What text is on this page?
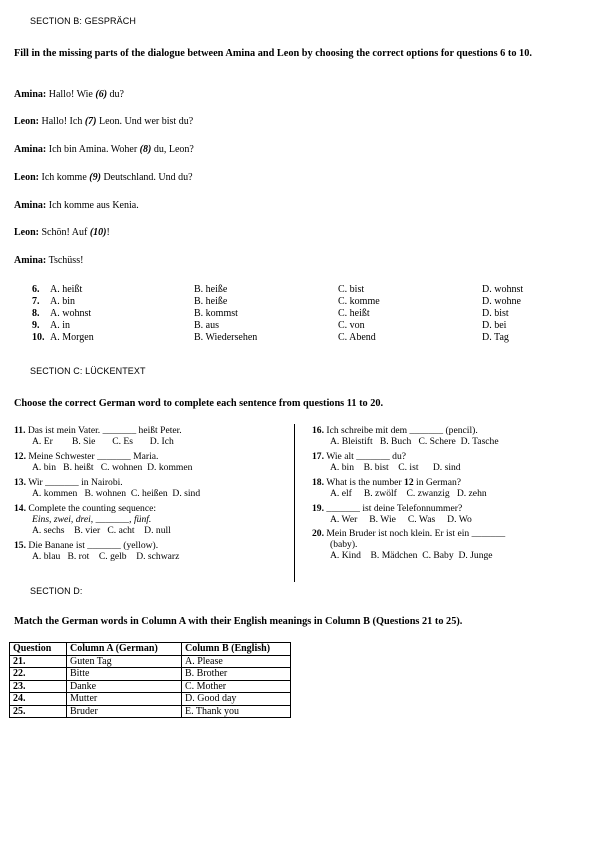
SECTION B: GESPRÄCH
Fill in the missing parts of the dialogue between Amina and Leon by choosing the correct options for questions 6 to 10.
Amina: Hallo! Wie (6) du?
Leon: Hallo! Ich (7) Leon. Und wer bist du?
Amina: Ich bin Amina. Woher (8) du, Leon?
Leon: Ich komme (9) Deutschland. Und du?
Amina: Ich komme aus Kenia.
Leon: Schön! Auf (10)!
Amina: Tschüss!
6.	A. heißt	B. heiße	C. bist	D. wohnst
7. A. bin	B. heiße	C. komme	D. wohne
8. A. wohnst	B. kommst	C. heißt	D. bist
9. A. in	B. aus	C. von	D. bei
10. A. Morgen	B. Wiedersehen	C. Abend	D. Tag
SECTION C: LÜCKENTEXT
Choose the correct German word to complete each sentence from questions 11 to 20.
11. Das ist mein Vater. _______ heißt Peter.
A. Er        B. Sie       C. Es       D. Ich
12. Meine Schwester _______ Maria.
A. bin   B. heißt   C. wohnen  D. kommen
13. Wir _______ in Nairobi.
A. kommen   B. wohnen  C. heißen  D. sind
14. Complete the counting sequence:
Eins, zwei, drei, _______, fünf.
A. sechs    B. vier   C. acht    D. null
15. Die Banane ist _______ (yellow).
A. blau   B. rot    C. gelb    D. schwarz
16. Ich schreibe mit dem _______ (pencil).
A. Bleistift   B. Buch   C. Schere  D. Tasche
17. Wie alt _______ du?
A. bin    B. bist    C. ist      D. sind
18. What is the number 12 in German?
A. elf     B. zwölf    C. zwanzig   D. zehn
19. _______ ist deine Telefonnummer?
A. Wer     B. Wie     C. Was     D. Wo
20. Mein Bruder ist noch klein. Er ist ein _______
(baby).
A. Kind    B. Mädchen  C. Baby  D. Junge
SECTION D:
Match the German words in Column A with their English meanings in Column B (Questions 21 to 25).
Question	Column A (German)	Column B (English)
21.	Guten Tag	A. Please
22.	Bitte	B. Brother
23.	Danke	C. Mother
24.	Mutter	D. Good day
25.	Bruder	E. Thank you
